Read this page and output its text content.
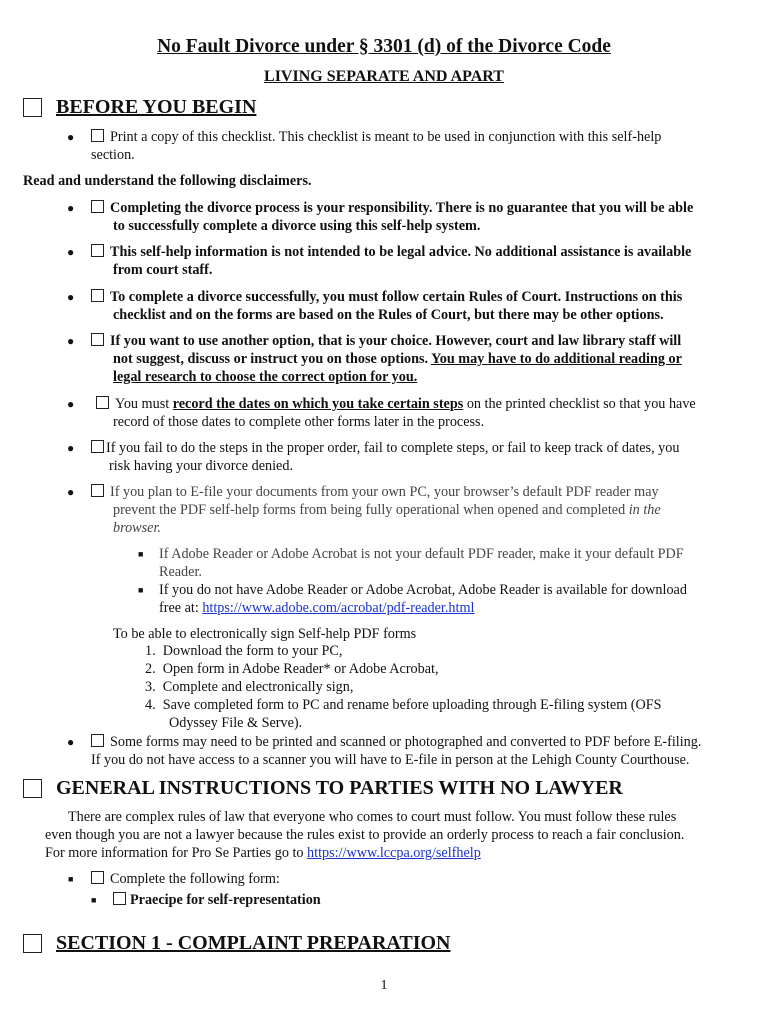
No Fault Divorce under § 3301 (d) of the Divorce Code
LIVING SEPARATE AND APART
BEFORE YOU BEGIN
●	Print a copy of this checklist. This checklist is meant to be used in conjunction with this self-help
section.
Read and understand the following disclaimers.
●	Completing the divorce process is your responsibility. There is no guarantee that you will be able
to successfully complete a divorce using this self-help system.
●	This self-help information is not intended to be legal advice. No additional assistance is available
from court staff.
●	To complete a divorce successfully, you must follow certain Rules of Court. Instructions on this
checklist and on the forms are based on the Rules of Court, but there may be other options.
●	If you want to use another option, that is your choice. However, court and law library staff will
not suggest, discuss or instruct you on those options. You may have to do additional reading or
legal research to choose the correct option for you.
●	You must record the dates on which you take certain steps on the printed checklist so that you have
record of those dates to complete other forms later in the process.
●	If you fail to do the steps in the proper order, fail to complete steps, or fail to keep track of dates, you
risk having your divorce denied.
●	If you plan to E-file your documents from your own PC, your browser’s default PDF reader may
prevent the PDF self-help forms from being fully operational when opened and completed in the
browser.
■ If Adobe Reader or Adobe Acrobat is not your default PDF reader, make it your default PDF
Reader.
■ If you do not have Adobe Reader or Adobe Acrobat, Adobe Reader is available for download
free at: https://www.adobe.com/acrobat/pdf-reader.html
To be able to electronically sign Self-help PDF forms
1.  Download the form to your PC,
2.  Open form in Adobe Reader* or Adobe Acrobat,
3.  Complete and electronically sign,
4.  Save completed form to PC and rename before uploading through E-filing system (OFS
Odyssey File & Serve).
●	Some forms may need to be printed and scanned or photographed and converted to PDF before E-filing.
If you do not have access to a scanner you will have to E-file in person at the Lehigh County Courthouse.
GENERAL INSTRUCTIONS TO PARTIES WITH NO LAWYER
There are complex rules of law that everyone who comes to court must follow. You must follow these rules
even though you are not a lawyer because the rules exist to provide an orderly process to reach a fair conclusion.
For more information for Pro Se Parties go to https://www.lccpa.org/selfhelp
■	Complete the following form:
■	Praecipe for self-representation
SECTION 1 - COMPLAINT PREPARATION
1
